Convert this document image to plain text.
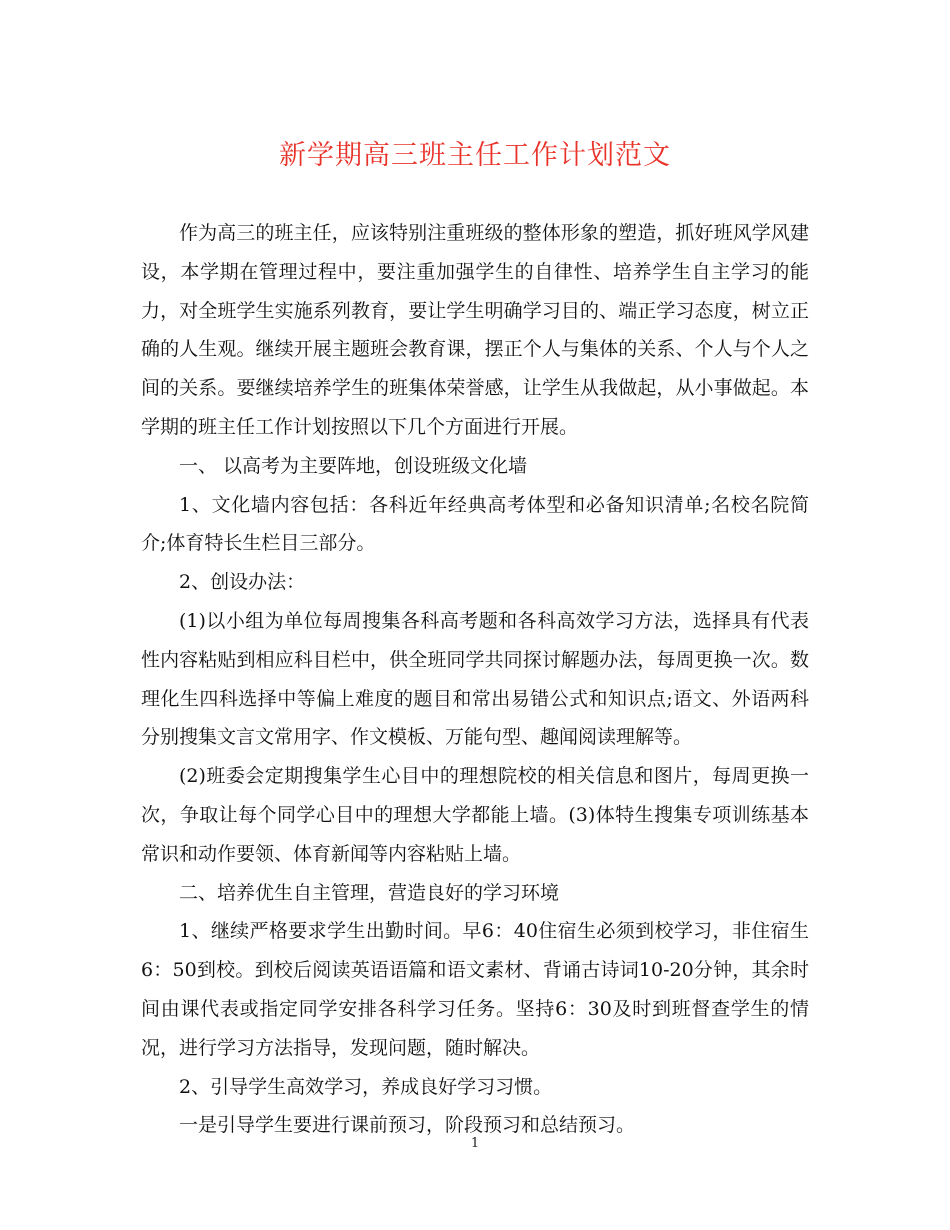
新学期高三班主任工作计划范文

作为高三的班主任，应该特别注重班级的整体形象的塑造，抓好班风学风建设，本学期在管理过程中，要注重加强学生的自律性、培养学生自主学习的能力，对全班学生实施系列教育，要让学生明确学习目的、端正学习态度，树立正确的人生观。继续开展主题班会教育课，摆正个人与集体的关系、个人与个人之间的关系。要继续培养学生的班集体荣誉感，让学生从我做起，从小事做起。本学期的班主任工作计划按照以下几个方面进行开展。

一、 以高考为主要阵地，创设班级文化墙

1、文化墙内容包括：各科近年经典高考体型和必备知识清单;名校名院简介;体育特长生栏目三部分。

2、创设办法：

(1)以小组为单位每周搜集各科高考题和各科高效学习方法，选择具有代表性内容粘贴到相应科目栏中，供全班同学共同探讨解题办法，每周更换一次。数理化生四科选择中等偏上难度的题目和常出易错公式和知识点;语文、外语两科分别搜集文言文常用字、作文模板、万能句型、趣闻阅读理解等。

(2)班委会定期搜集学生心目中的理想院校的相关信息和图片，每周更换一次，争取让每个同学心目中的理想大学都能上墙。(3)体特生搜集专项训练基本常识和动作要领、体育新闻等内容粘贴上墙。

二、培养优生自主管理，营造良好的学习环境

1、继续严格要求学生出勤时间。早6：40住宿生必须到校学习，非住宿生6：50到校。到校后阅读英语语篇和语文素材、背诵古诗词10-20分钟，其余时间由课代表或指定同学安排各科学习任务。坚持6：30及时到班督查学生的情况，进行学习方法指导，发现问题，随时解决。

2、引导学生高效学习，养成良好学习习惯。

一是引导学生要进行课前预习，阶段预习和总结预习。

1
